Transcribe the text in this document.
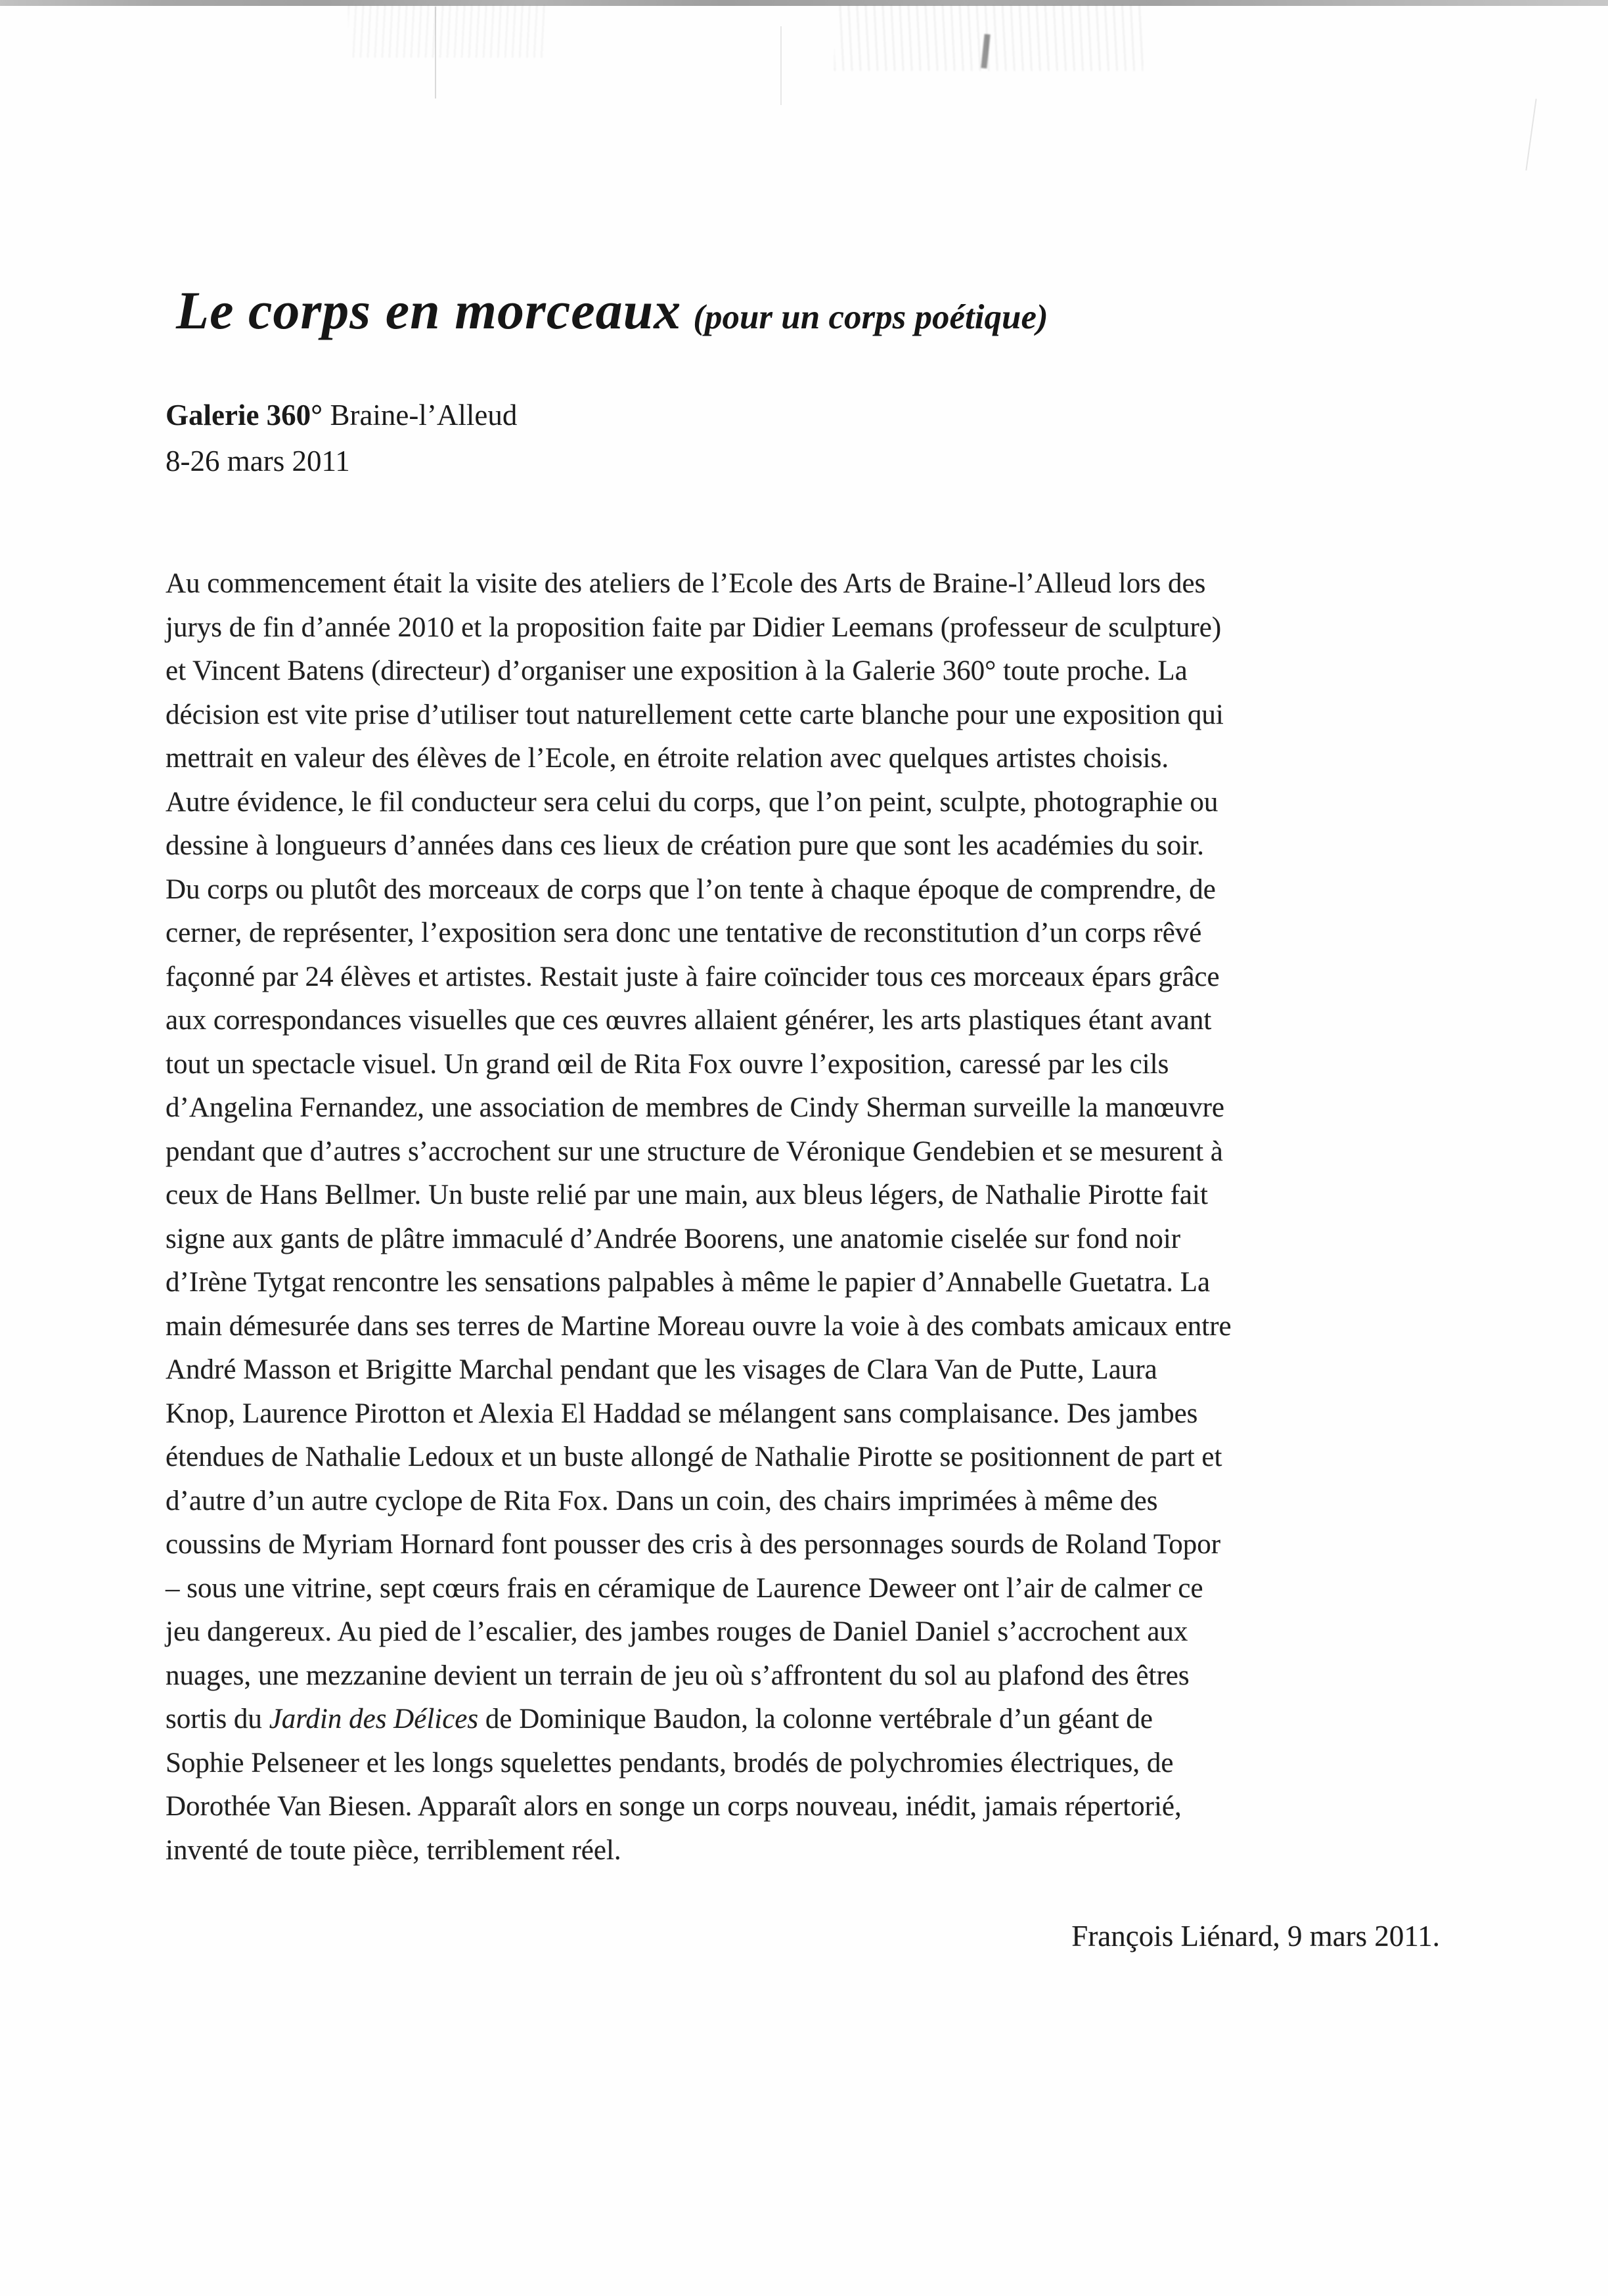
Le corps en morceaux (pour un corps poétique)
Galerie 360° Braine-l’Alleud
8-26 mars 2011
Au commencement était la visite des ateliers de l’Ecole des Arts de Braine-l’Alleud lors des
jurys de fin d’année 2010 et la proposition faite par Didier Leemans (professeur de sculpture)
et Vincent Batens (directeur) d’organiser une exposition à la Galerie 360° toute proche. La
décision est vite prise d’utiliser tout naturellement cette carte blanche pour une exposition qui
mettrait en valeur des élèves de l’Ecole, en étroite relation avec quelques artistes choisis.
Autre évidence, le fil conducteur sera celui du corps, que l’on peint, sculpte, photographie ou
dessine à longueurs d’années dans ces lieux de création pure que sont les académies du soir.
Du corps ou plutôt des morceaux de corps que l’on tente à chaque époque de comprendre, de
cerner, de représenter, l’exposition sera donc une tentative de reconstitution d’un corps rêvé
façonné par 24 élèves et artistes. Restait juste à faire coïncider tous ces morceaux épars grâce
aux correspondances visuelles que ces œuvres allaient générer, les arts plastiques étant avant
tout un spectacle visuel. Un grand œil de Rita Fox ouvre l’exposition, caressé par les cils
d’Angelina Fernandez, une association de membres de Cindy Sherman surveille la manœuvre
pendant que d’autres s’accrochent sur une structure de Véronique Gendebien et se mesurent à
ceux de Hans Bellmer. Un buste relié par une main, aux bleus légers, de Nathalie Pirotte fait
signe aux gants de plâtre immaculé d’Andrée Boorens, une anatomie ciselée sur fond noir
d’Irène Tytgat rencontre les sensations palpables à même le papier d’Annabelle Guetatra. La
main démesurée dans ses terres de Martine Moreau ouvre la voie à des combats amicaux entre
André Masson et Brigitte Marchal pendant que les visages de Clara Van de Putte, Laura
Knop, Laurence Pirotton et Alexia El Haddad se mélangent sans complaisance. Des jambes
étendues de Nathalie Ledoux et un buste allongé de Nathalie Pirotte se positionnent de part et
d’autre d’un autre cyclope de Rita Fox. Dans un coin, des chairs imprimées à même des
coussins de Myriam Hornard font pousser des cris à des personnages sourds de Roland Topor
– sous une vitrine, sept cœurs frais en céramique de Laurence Deweer ont l’air de calmer ce
jeu dangereux. Au pied de l’escalier, des jambes rouges de Daniel Daniel s’accrochent aux
nuages, une mezzanine devient un terrain de jeu où s’affrontent du sol au plafond des êtres
sortis du Jardin des Délices de Dominique Baudon, la colonne vertébrale d’un géant de
Sophie Pelseneer et les longs squelettes pendants, brodés de polychromies électriques, de
Dorothée Van Biesen. Apparaît alors en songe un corps nouveau, inédit, jamais répertorié,
inventé de toute pièce, terriblement réel.
François Liénard, 9 mars 2011.
